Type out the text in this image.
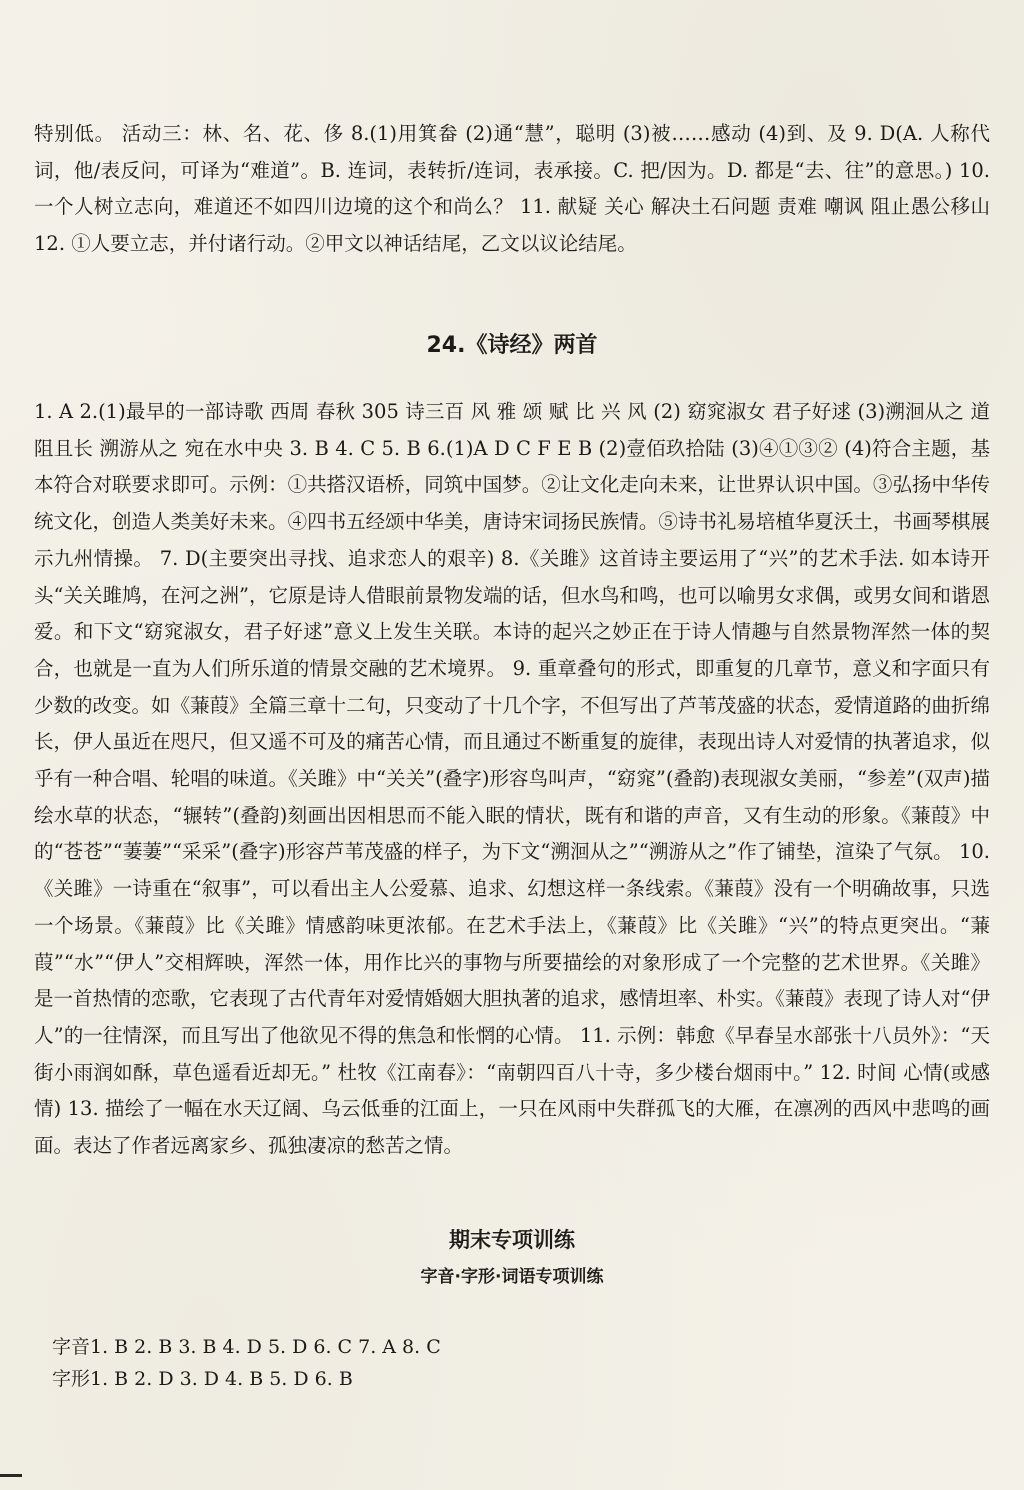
特别低。 活动三：林、名、花、侈 8.(1)用箕畚 (2)通“慧”，聪明 (3)被……感动 (4)到、及 9. D(A. 人称代词，他/表反问，可译为“难道”。B. 连词，表转折/连词，表承接。C. 把/因为。D. 都是“去、往”的意思。) 10. 一个人树立志向，难道还不如四川边境的这个和尚么？ 11. 献疑 关心 解决土石问题 责难 嘲讽 阻止愚公移山 12. ①人要立志，并付诸行动。②甲文以神话结尾，乙文以议论结尾。

24.《诗经》两首

1. A 2.(1)最早的一部诗歌 西周 春秋 305 诗三百 风 雅 颂 赋 比 兴 风 (2) 窈窕淑女 君子好逑 (3)溯洄从之 道阻且长 溯游从之 宛在水中央 3. B 4. C 5. B 6.(1)A D C F E B (2)壹佰玖拾陆 (3)④①③② (4)符合主题，基本符合对联要求即可。示例：①共搭汉语桥，同筑中国梦。②让文化走向未来，让世界认识中国。③弘扬中华传统文化，创造人类美好未来。④四书五经颂中华美，唐诗宋词扬民族情。⑤诗书礼易培植华夏沃土，书画琴棋展示九州情操。 7. D(主要突出寻找、追求恋人的艰辛) 8.《关雎》这首诗主要运用了“兴”的艺术手法. 如本诗开头“关关雎鸠，在河之洲”，它原是诗人借眼前景物发端的话，但水鸟和鸣，也可以喻男女求偶，或男女间和谐恩爱。和下文“窈窕淑女，君子好逑”意义上发生关联。本诗的起兴之妙正在于诗人情趣与自然景物浑然一体的契合，也就是一直为人们所乐道的情景交融的艺术境界。 9. 重章叠句的形式，即重复的几章节，意义和字面只有少数的改变。如《蒹葭》全篇三章十二句，只变动了十几个字，不但写出了芦苇茂盛的状态，爱情道路的曲折绵长，伊人虽近在咫尺，但又遥不可及的痛苦心情，而且通过不断重复的旋律，表现出诗人对爱情的执著追求，似乎有一种合唱、轮唱的味道。《关雎》中“关关”(叠字)形容鸟叫声，“窈窕”(叠韵)表现淑女美丽，“参差”(双声)描绘水草的状态，“辗转”(叠韵)刻画出因相思而不能入眠的情状，既有和谐的声音，又有生动的形象。《蒹葭》中的“苍苍”“萋萋”“采采”(叠字)形容芦苇茂盛的样子，为下文“溯洄从之”“溯游从之”作了铺垫，渲染了气氛。 10.《关雎》一诗重在“叙事”，可以看出主人公爱慕、追求、幻想这样一条线索。《蒹葭》没有一个明确故事，只选一个场景。《蒹葭》比《关雎》情感韵味更浓郁。在艺术手法上，《蒹葭》比《关雎》“兴”的特点更突出。“蒹葭”“水”“伊人”交相辉映，浑然一体，用作比兴的事物与所要描绘的对象形成了一个完整的艺术世界。《关雎》是一首热情的恋歌，它表现了古代青年对爱情婚姻大胆执著的追求，感情坦率、朴实。《蒹葭》表现了诗人对“伊人”的一往情深，而且写出了他欲见不得的焦急和怅惘的心情。 11. 示例：韩愈《早春呈水部张十八员外》：“天街小雨润如酥，草色遥看近却无。” 杜牧《江南春》：“南朝四百八十寺，多少楼台烟雨中。” 12. 时间 心情(或感情) 13. 描绘了一幅在水天辽阔、乌云低垂的江面上，一只在风雨中失群孤飞的大雁，在凛冽的西风中悲鸣的画面。表达了作者远离家乡、孤独凄凉的愁苦之情。

期末专项训练
字音·字形·词语专项训练

字音1. B 2. B 3. B 4. D 5. D 6. C 7. A 8. C

字形1. B 2. D 3. D 4. B 5. D 6. B
